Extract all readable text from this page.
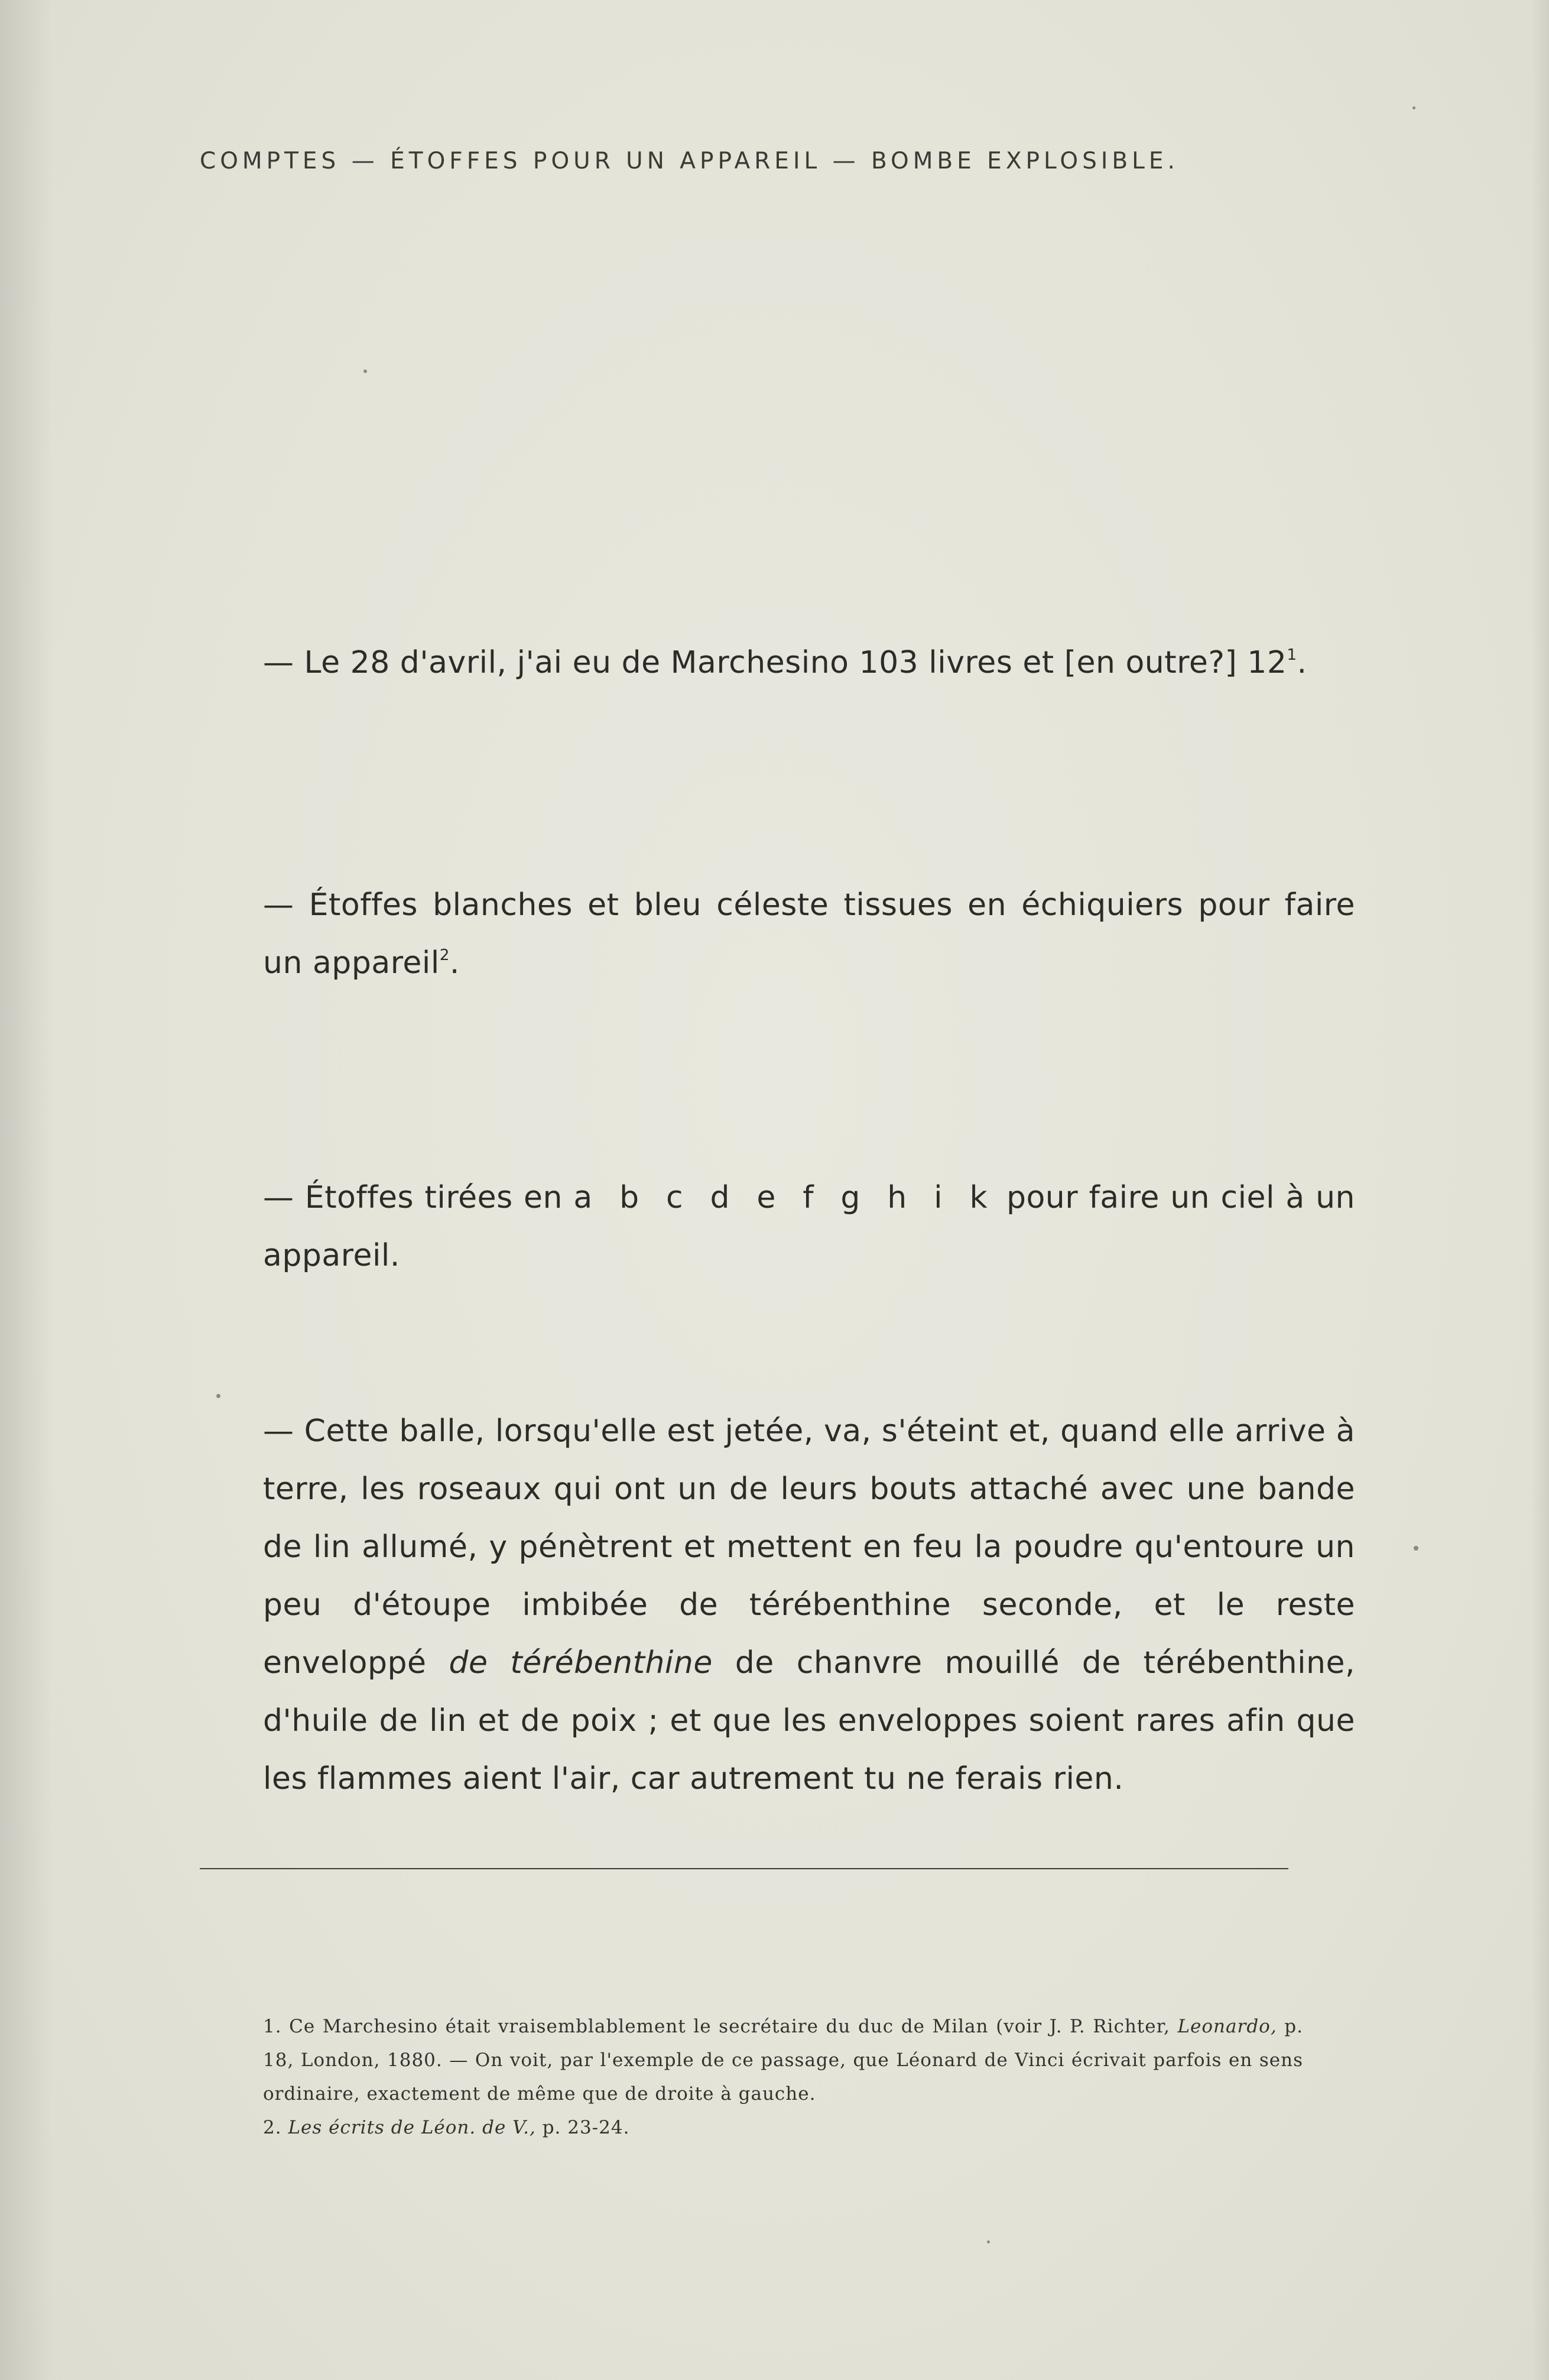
COMPTES — ÉTOFFES POUR UN APPAREIL — BOMBE EXPLOSIBLE.

— Le 28 d'avril, j'ai eu de Marchesino 103 livres et [en outre?] $12^1$.

— Étoffes blanches et bleu céleste tissues en échiquiers pour faire un appareil$^2$.

— Étoffes tirées en a b c d e f g h i k pour faire un ciel à un appareil.

— Cette balle, lorsqu'elle est jetée, va, s'éteint et, quand elle arrive à terre, les roseaux qui ont un de leurs bouts attaché avec une bande de lin allumé, y pénètrent et mettent en feu la poudre qu'entoure un peu d'étoupe imbibée de térébenthine seconde, et le reste enveloppé de térébenthine de chanvre mouillé de térébenthine, d'huile de lin et de poix ; et que les enveloppes soient rares afin que les flammes aient l'air, car autrement tu ne ferais rien.

1. Ce Marchesino était vraisemblablement le secrétaire du duc de Milan (voir J. P. Richter, Leonardo, p. 18, London, 1880. — On voit, par l'exemple de ce passage, que Léonard de Vinci écrivait parfois en sens ordinaire, exactement de même que de droite à gauche.

2. Les écrits de Léon. de V., p. 23-24.
